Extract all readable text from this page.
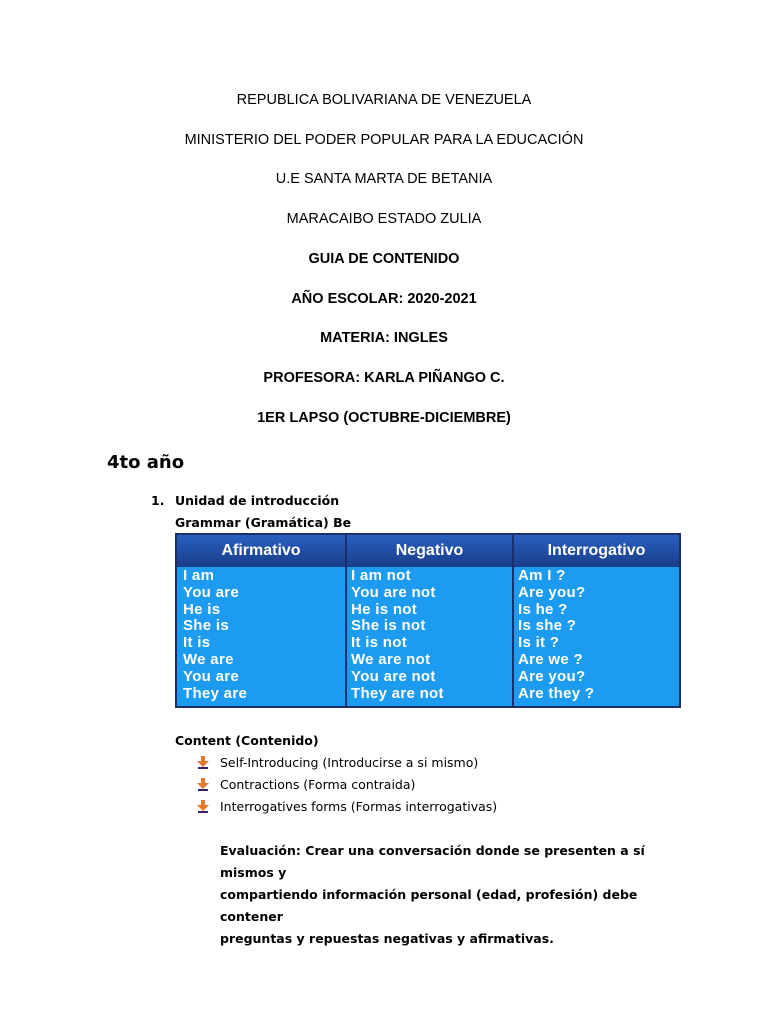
REPUBLICA BOLIVARIANA DE VENEZUELA
MINISTERIO DEL PODER POPULAR PARA LA EDUCACIÓN
U.E SANTA MARTA DE BETANIA
MARACAIBO ESTADO ZULIA
GUIA DE CONTENIDO
AÑO ESCOLAR: 2020-2021
MATERIA: INGLES
PROFESORA: KARLA PIÑANGO C.
1ER LAPSO (OCTUBRE-DICIEMBRE)
4to año
1. Unidad de introducción
Grammar (Gramática) Be
Afirmativo	Negativo	Interrogativo
I am
You are
He is
She is
It is
We are
You are
They are
I am not
You are not
He is not
She is not
It is not
We are not
You are not
They are not
Am I ?
Are you?
Is he ?
Is she ?
Is it ?
Are we ?
Are you?
Are they ?
Content (Contenido)
Self-Introducing (Introducirse a si mismo)
Contractions (Forma contraida)
Interrogatives forms (Formas interrogativas)
Evaluación: Crear una conversación donde se presenten a sí mismos y
compartiendo información personal (edad, profesión) debe contener
preguntas y repuestas negativas y afirmativas.
